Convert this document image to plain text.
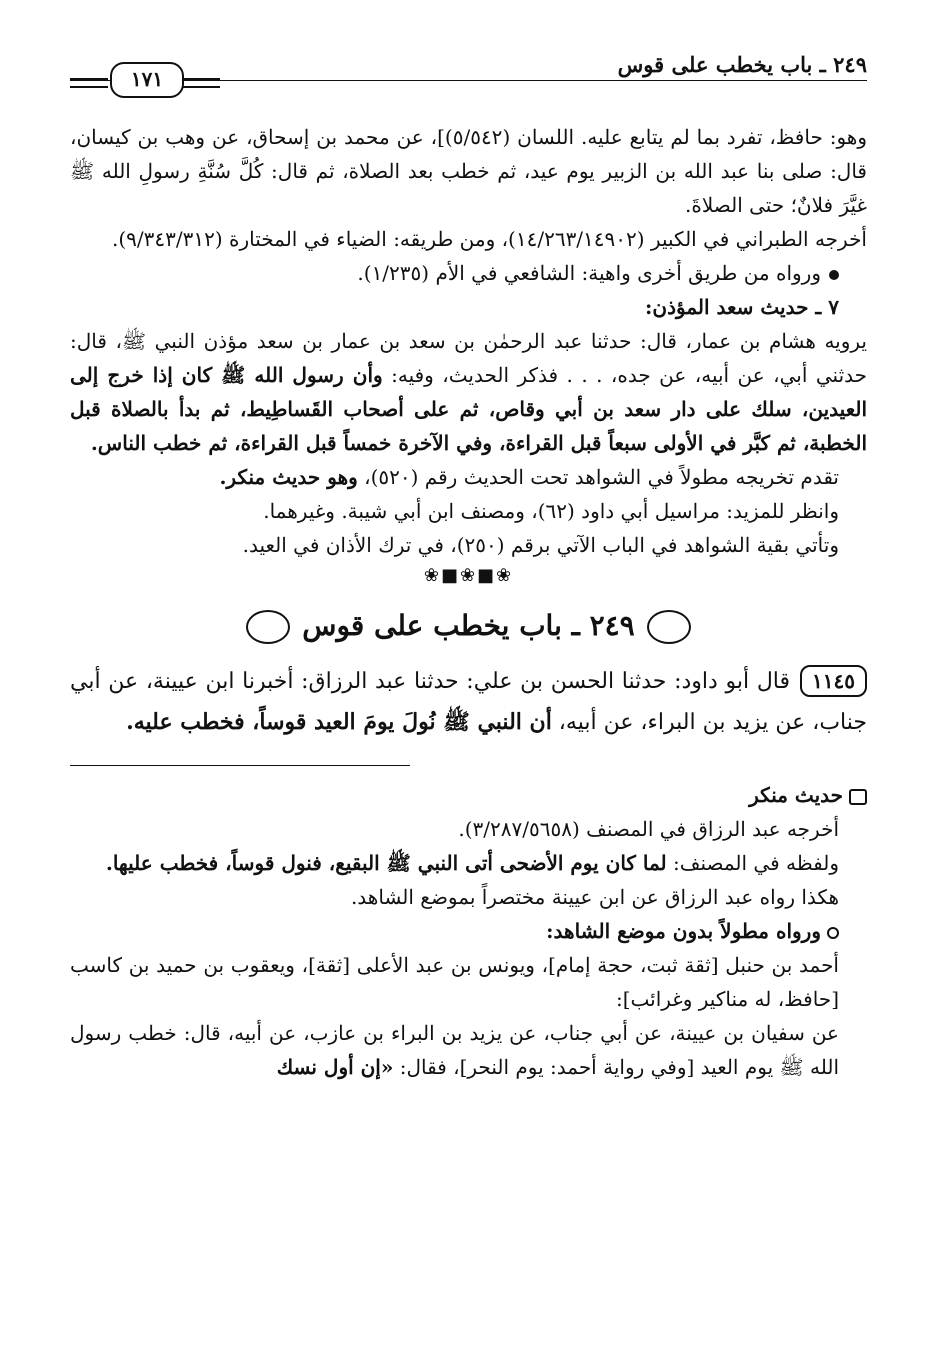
٢٤٩ ـ باب يخطب على قوس
١٧١

وهو: حافظ، تفرد بما لم يتابع عليه. اللسان (٥/٥٤٢)]، عن محمد بن إسحاق، عن وهب بن كيسان، قال: صلى بنا عبد الله بن الزبير يوم عيد، ثم خطب بعد الصلاة، ثم قال: كُلَّ سُنَّةِ رسولِ الله ﷺ غيَّرَ فلانٌ؛ حتى الصلاةَ.

أخرجه الطبراني في الكبير (١٤/٢٦٣/١٤٩٠٢)، ومن طريقه: الضياء في المختارة (٩/٣٤٣/٣١٢).

ورواه من طريق أخرى واهية: الشافعي في الأم (١/٢٣٥).

٧ ـ حديث سعد المؤذن:

يرويه هشام بن عمار، قال: حدثنا عبد الرحمٰن بن سعد بن عمار بن سعد مؤذن النبي ﷺ، قال: حدثني أبي، عن أبيه، عن جده، . . . فذكر الحديث، وفيه: وأن رسول الله ﷺ كان إذا خرج إلى العيدين، سلك على دار سعد بن أبي وقاص، ثم على أصحاب القَساطِيط، ثم بدأ بالصلاة قبل الخطبة، ثم كبَّر في الأولى سبعاً قبل القراءة، وفي الآخرة خمساً قبل القراءة، ثم خطب الناس.

تقدم تخريجه مطولاً في الشواهد تحت الحديث رقم (٥٢٠)، وهو حديث منكر.

وانظر للمزيد: مراسيل أبي داود (٦٢)، ومصنف ابن أبي شيبة. وغيرهما.

وتأتي بقية الشواهد في الباب الآتي برقم (٢٥٠)، في ترك الأذان في العيد.

❀■❀■❀
٢٤٩ ـ باب يخطب على قوس

١١٤٥قال أبو داود: حدثنا الحسن بن علي: حدثنا عبد الرزاق: أخبرنا ابن عيينة، عن أبي جناب، عن يزيد بن البراء، عن أبيه، أن النبي ﷺ نُولَ يومَ العيد قوساً، فخطب عليه.

حديث منكر

أخرجه عبد الرزاق في المصنف (٣/٢٨٧/٥٦٥٨).

ولفظه في المصنف: لما كان يوم الأضحى أتى النبي ﷺ البقيع، فنول قوساً، فخطب عليها.

هكذا رواه عبد الرزاق عن ابن عيينة مختصراً بموضع الشاهد.

ورواه مطولاً بدون موضع الشاهد:

أحمد بن حنبل [ثقة ثبت، حجة إمام]، ويونس بن عبد الأعلى [ثقة]، ويعقوب بن حميد بن كاسب [حافظ، له مناكير وغرائب]:

عن سفيان بن عيينة، عن أبي جناب، عن يزيد بن البراء بن عازب، عن أبيه، قال: خطب رسول الله ﷺ يوم العيد [وفي رواية أحمد: يوم النحر]، فقال: «إن أول نسك
